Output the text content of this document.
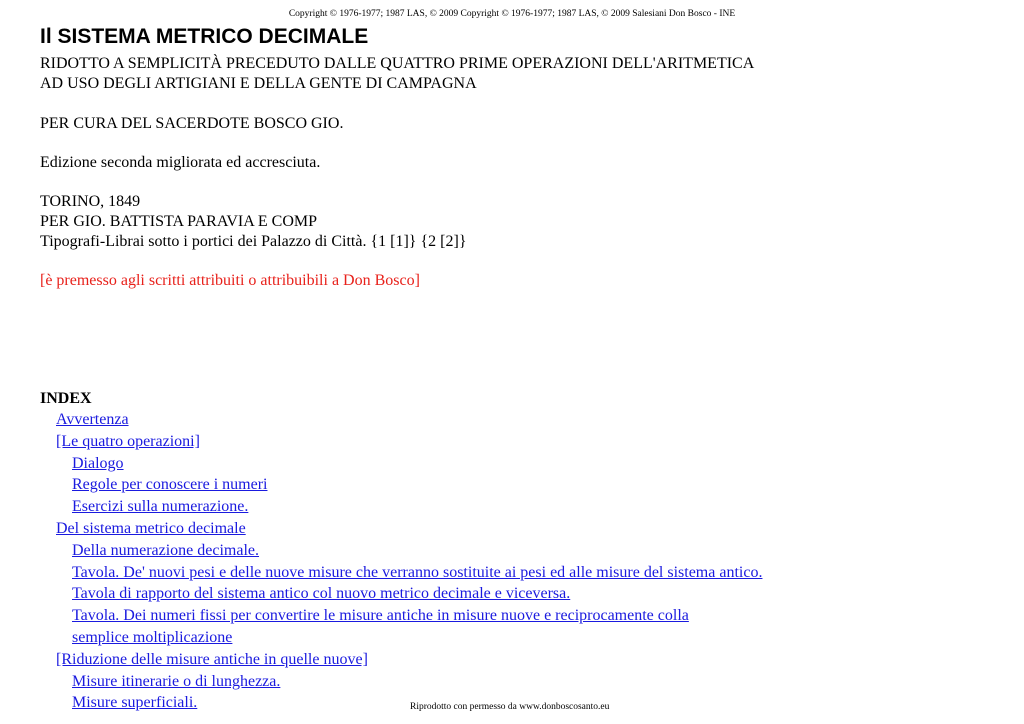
Copyright © 1976-1977; 1987 LAS, © 2009 Copyright © 1976-1977; 1987 LAS, © 2009 Salesiani Don Bosco - INE
Il SISTEMA METRICO DECIMALE
RIDOTTO A SEMPLICITÀ PRECEDUTO DALLE QUATTRO PRIME OPERAZIONI DELL'ARITMETICA
AD USO DEGLI ARTIGIANI E DELLA GENTE DI CAMPAGNA
PER CURA DEL SACERDOTE BOSCO GIO.
Edizione seconda migliorata ed accresciuta.
TORINO, 1849
PER GIO. BATTISTA PARAVIA E COMP
Tipografi-Librai sotto i portici dei Palazzo di Città. {1 [1]} {2 [2]}
[è premesso agli scritti attribuiti o attribuibili a Don Bosco]
INDEX
Avvertenza
[Le quatro operazioni]
Dialogo
Regole per conoscere i numeri
Esercizi sulla numerazione.
Del sistema metrico decimale
Della numerazione decimale.
Tavola. De' nuovi pesi e delle nuove misure che verranno sostituite ai pesi ed alle misure del sistema antico.
Tavola di rapporto del sistema antico col nuovo metrico decimale e viceversa.
Tavola. Dei numeri fissi per convertire le misure antiche in misure nuove e reciprocamente colla
semplice moltiplicazione
[Riduzione delle misure antiche in quelle nuove]
Misure itinerarie o di lunghezza.
Misure superficiali.	Riprodotto con permesso da www.donboscosanto.eu
